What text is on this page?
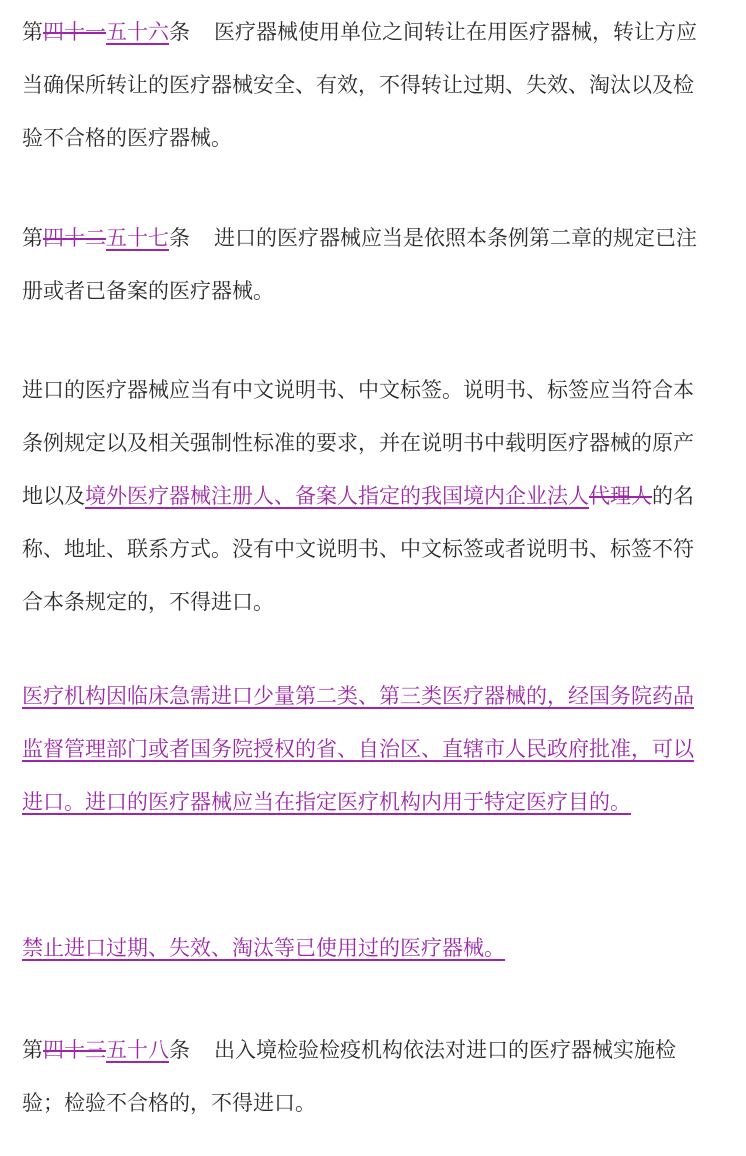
第四十一五十六条 医疗器械使用单位之间转让在用医疗器械，转让方应当确保所转让的医疗器械安全、有效，不得转让过期、失效、淘汰以及检验不合格的医疗器械。

第四十二五十七条 进口的医疗器械应当是依照本条例第二章的规定已注册或者已备案的医疗器械。

进口的医疗器械应当有中文说明书、中文标签。说明书、标签应当符合本条例规定以及相关强制性标准的要求，并在说明书中载明医疗器械的原产地以及境外医疗器械注册人、备案人指定的我国境内企业法人代理人的名称、地址、联系方式。没有中文说明书、中文标签或者说明书、标签不符合本条规定的，不得进口。

医疗机构因临床急需进口少量第二类、第三类医疗器械的，经国务院药品监督管理部门或者国务院授权的省、自治区、直辖市人民政府批准，可以进口。进口的医疗器械应当在指定医疗机构内用于特定医疗目的。

禁止进口过期、失效、淘汰等已使用过的医疗器械。

第四十三五十八条 出入境检验检疫机构依法对进口的医疗器械实施检验；检验不合格的，不得进口。
